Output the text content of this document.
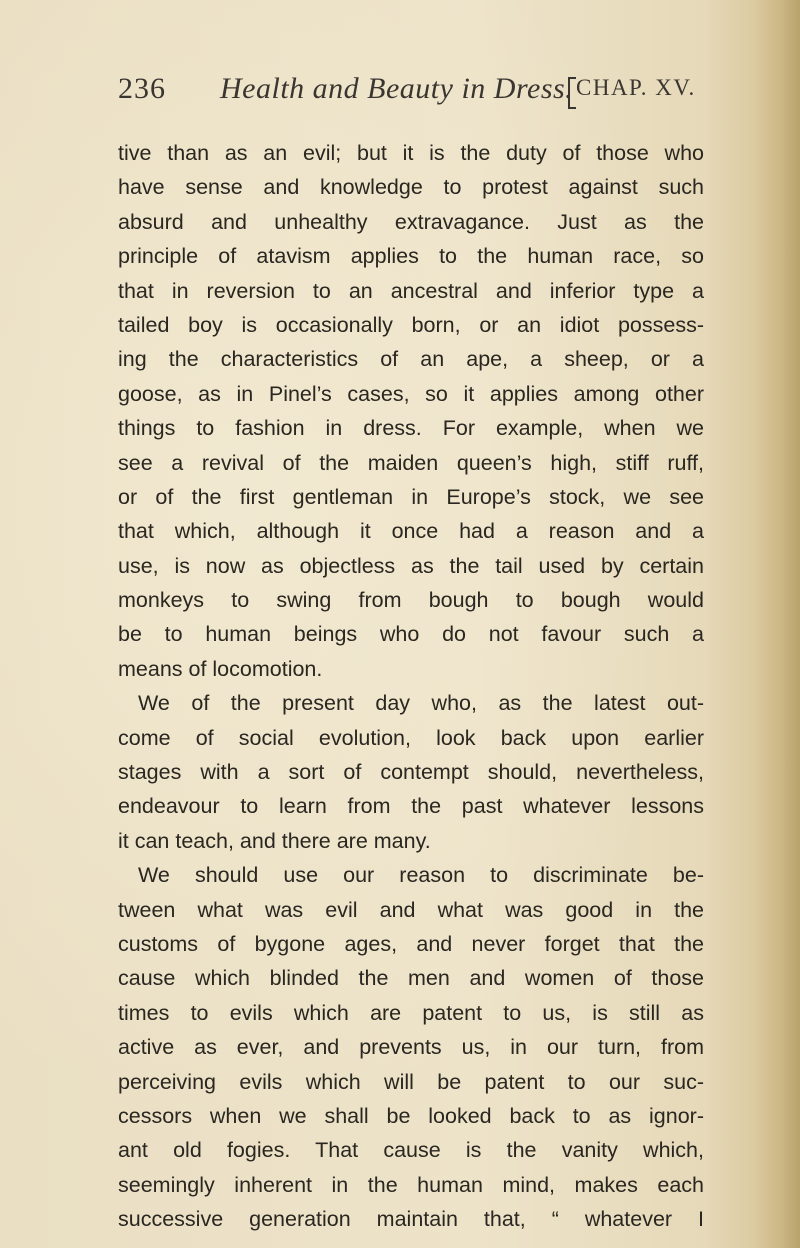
236 Health and Beauty in Dress. CHAP. XV.
tive than as an evil; but it is the duty of those who
have sense and knowledge to protest against such
absurd and unhealthy extravagance. Just as the
principle of atavism applies to the human race, so
that in reversion to an ancestral and inferior type a
tailed boy is occasionally born, or an idiot possess-
ing the characteristics of an ape, a sheep, or a
goose, as in Pinel’s cases, so it applies among other
things to fashion in dress. For example, when we
see a revival of the maiden queen’s high, stiff ruff,
or of the first gentleman in Europe’s stock, we see
that which, although it once had a reason and a
use, is now as objectless as the tail used by certain
monkeys to swing from bough to bough would
be to human beings who do not favour such a
means of locomotion.
We of the present day who, as the latest out-
come of social evolution, look back upon earlier
stages with a sort of contempt should, nevertheless,
endeavour to learn from the past whatever lessons
it can teach, and there are many.
We should use our reason to discriminate be-
tween what was evil and what was good in the
customs of bygone ages, and never forget that the
cause which blinded the men and women of those
times to evils which are patent to us, is still as
active as ever, and prevents us, in our turn, from
perceiving evils which will be patent to our suc-
cessors when we shall be looked back to as ignor-
ant old fogies. That cause is the vanity which,
seemingly inherent in the human mind, makes each
successive generation maintain that, “ whatever I
